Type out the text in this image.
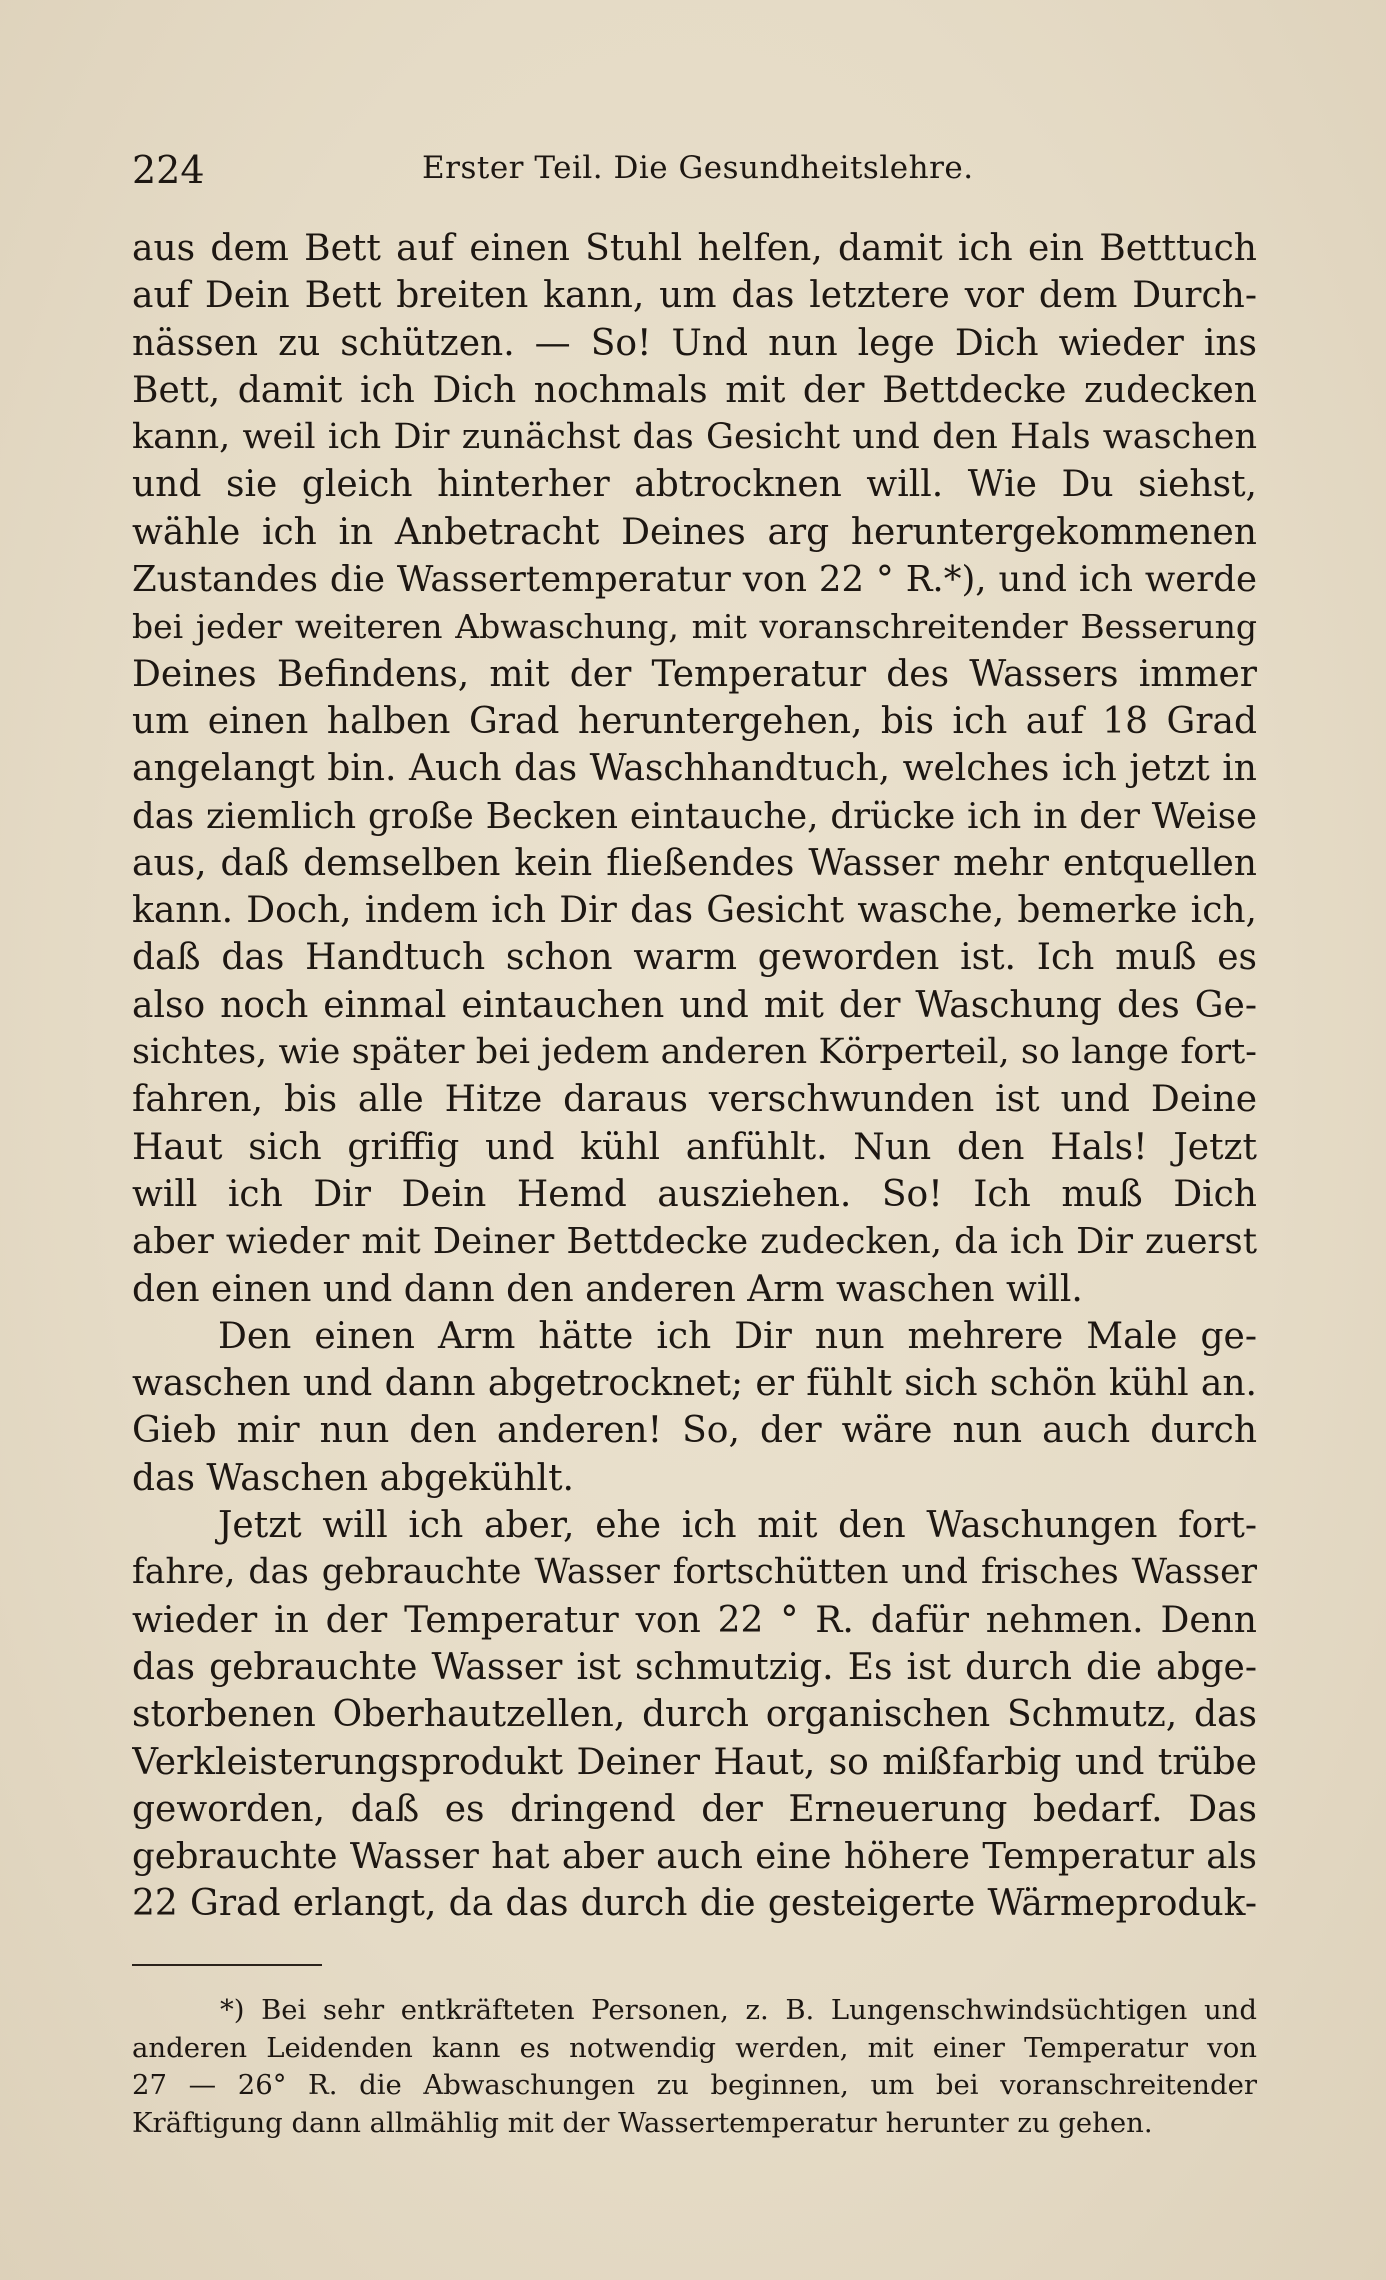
224	Erster Teil. Die Gesundheitslehre.
aus dem Bett auf einen Stuhl helfen, damit ich ein Betttuch
auf Dein Bett breiten kann, um das letztere vor dem Durch-
nässen zu schützen. — So! Und nun lege Dich wieder ins
Bett, damit ich Dich nochmals mit der Bettdecke zudecken
kann, weil ich Dir zunächst das Gesicht und den Hals waschen
und sie gleich hinterher abtrocknen will. Wie Du siehst,
wähle ich in Anbetracht Deines arg heruntergekommenen
Zustandes die Wassertemperatur von 22 ° R.*), und ich werde
bei jeder weiteren Abwaschung, mit voranschreitender Besserung
Deines Befindens, mit der Temperatur des Wassers immer
um einen halben Grad heruntergehen, bis ich auf 18 Grad
angelangt bin. Auch das Waschhandtuch, welches ich jetzt in
das ziemlich große Becken eintauche, drücke ich in der Weise
aus, daß demselben kein fließendes Wasser mehr entquellen
kann. Doch, indem ich Dir das Gesicht wasche, bemerke ich,
daß das Handtuch schon warm geworden ist. Ich muß es
also noch einmal eintauchen und mit der Waschung des Ge-
sichtes, wie später bei jedem anderen Körperteil, so lange fort-
fahren, bis alle Hitze daraus verschwunden ist und Deine
Haut sich griffig und kühl anfühlt. Nun den Hals! Jetzt
will ich Dir Dein Hemd ausziehen. So! Ich muß Dich
aber wieder mit Deiner Bettdecke zudecken, da ich Dir zuerst
den einen und dann den anderen Arm waschen will.
Den einen Arm hätte ich Dir nun mehrere Male ge-
waschen und dann abgetrocknet; er fühlt sich schön kühl an.
Gieb mir nun den anderen! So, der wäre nun auch durch
das Waschen abgekühlt.
Jetzt will ich aber, ehe ich mit den Waschungen fort-
fahre, das gebrauchte Wasser fortschütten und frisches Wasser
wieder in der Temperatur von 22 ° R. dafür nehmen. Denn
das gebrauchte Wasser ist schmutzig. Es ist durch die abge-
storbenen Oberhautzellen, durch organischen Schmutz, das
Verkleisterungsprodukt Deiner Haut, so mißfarbig und trübe
geworden, daß es dringend der Erneuerung bedarf. Das
gebrauchte Wasser hat aber auch eine höhere Temperatur als
22 Grad erlangt, da das durch die gesteigerte Wärmeproduk-
*) Bei sehr entkräfteten Personen, z. B. Lungenschwindsüchtigen und
anderen Leidenden kann es notwendig werden, mit einer Temperatur von
27 — 26° R. die Abwaschungen zu beginnen, um bei voranschreitender
Kräftigung dann allmählig mit der Wassertemperatur herunter zu gehen.
